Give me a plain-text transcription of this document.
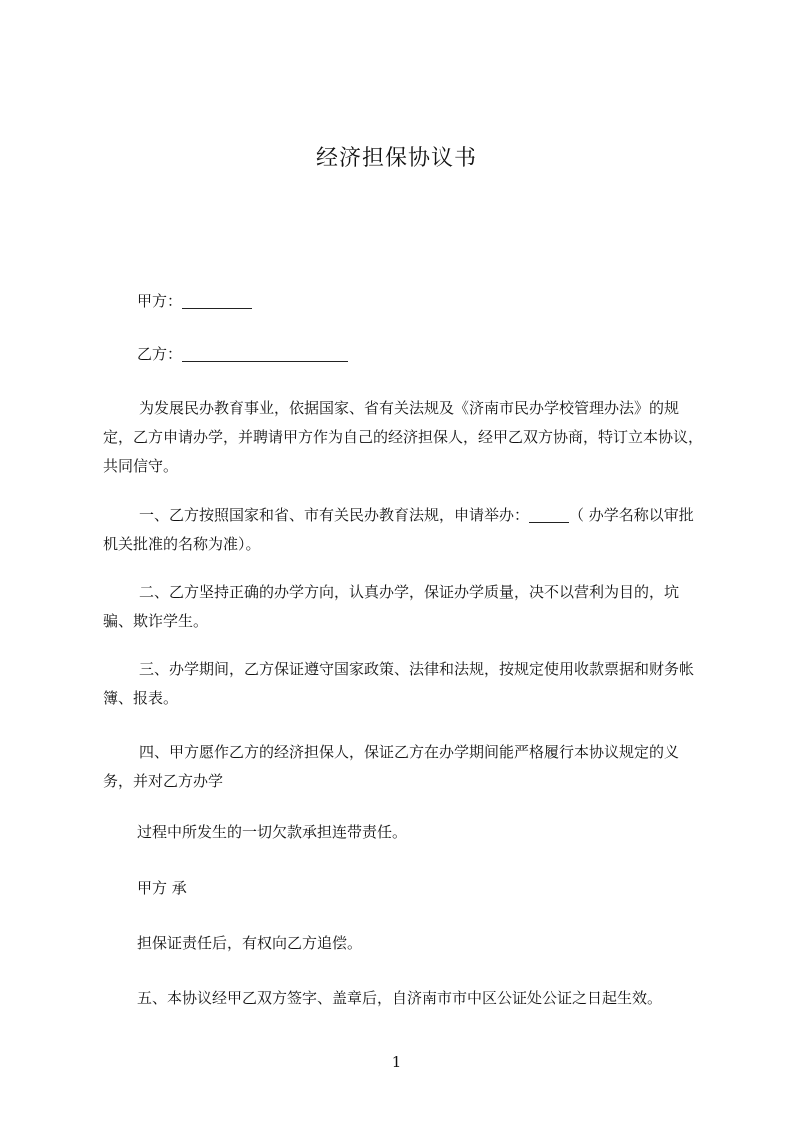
经济担保协议书

甲方：

乙方：

为发展民办教育事业，依据国家、省有关法规及《济南市民办学校管理办法》的规定，乙方申请办学，并聘请甲方作为自己的经济担保人，经甲乙双方协商，特订立本协议，共同信守。

一、乙方按照国家和省、市有关民办教育法规，申请举办：	（ 办学名称以审批机关批准的名称为准）。

二、乙方坚持正确的办学方向，认真办学，保证办学质量，决不以营利为目的，坑骗、欺诈学生。

三、办学期间，乙方保证遵守国家政策、法律和法规，按规定使用收款票据和财务帐簿、报表。

四、甲方愿作乙方的经济担保人，保证乙方在办学期间能严格履行本协议规定的义务，并对乙方办学

过程中所发生的一切欠款承担连带责任。

甲方 承

担保证责任后，有权向乙方追偿。

五、本协议经甲乙双方签字、盖章后，自济南市市中区公证处公证之日起生效。

1
